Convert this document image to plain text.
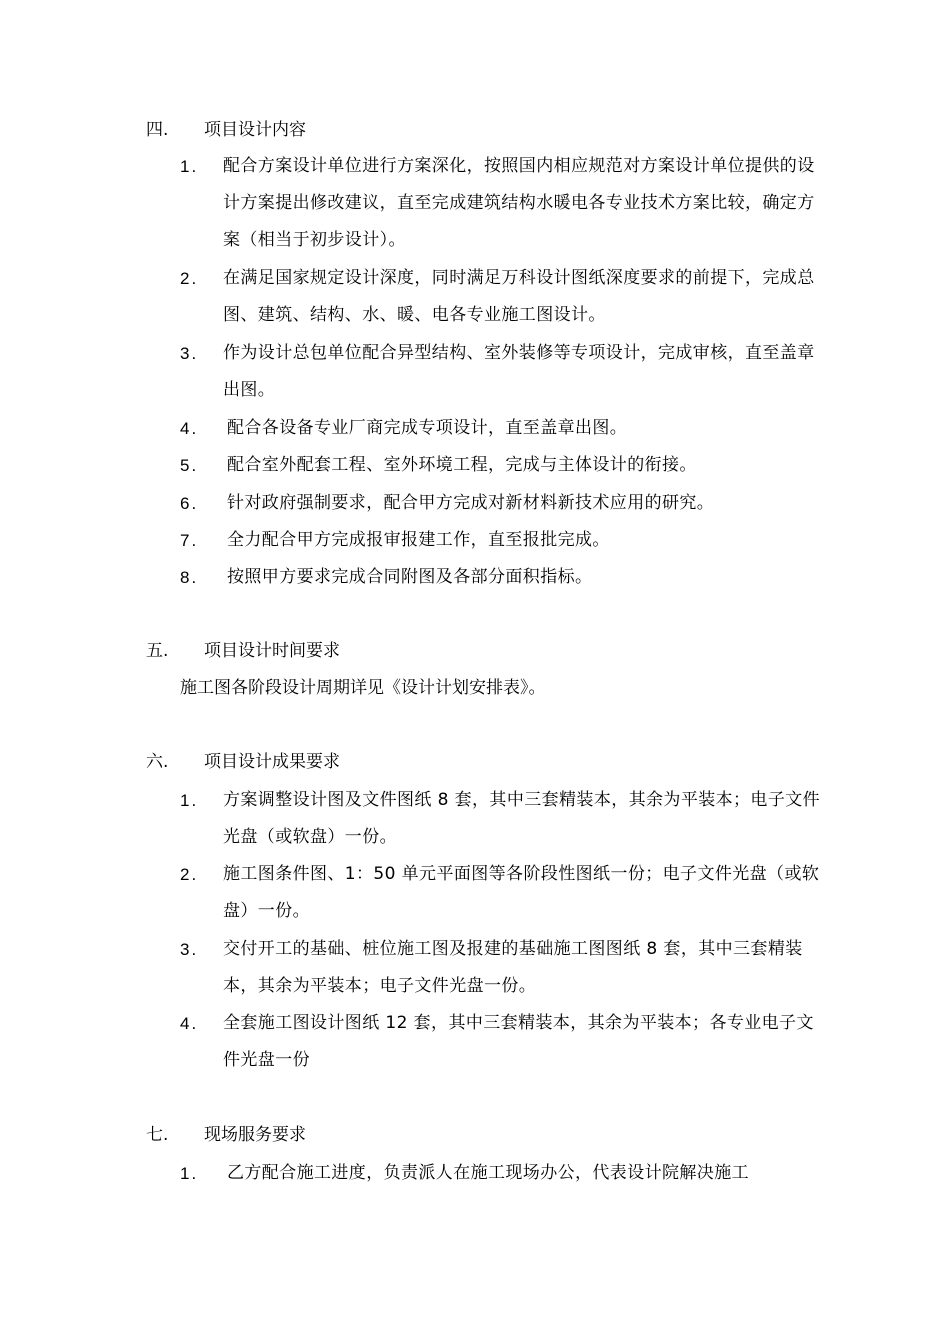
四. 项目设计内容
1. 配合方案设计单位进行方案深化，按照国内相应规范对方案设计单位提供的设计方案提出修改建议，直至完成建筑结构水暖电各专业技术方案比较，确定方案（相当于初步设计）。
2. 在满足国家规定设计深度，同时满足万科设计图纸深度要求的前提下，完成总图、建筑、结构、水、暖、电各专业施工图设计。
3. 作为设计总包单位配合异型结构、室外装修等专项设计，完成审核，直至盖章出图。
4. 配合各设备专业厂商完成专项设计，直至盖章出图。
5. 配合室外配套工程、室外环境工程，完成与主体设计的衔接。
6. 针对政府强制要求，配合甲方完成对新材料新技术应用的研究。
7. 全力配合甲方完成报审报建工作，直至报批完成。
8. 按照甲方要求完成合同附图及各部分面积指标。
五. 项目设计时间要求
施工图各阶段设计周期详见《设计计划安排表》。
六. 项目设计成果要求
1. 方案调整设计图及文件图纸 8 套，其中三套精装本，其余为平装本；电子文件光盘（或软盘）一份。
2. 施工图条件图、1：50 单元平面图等各阶段性图纸一份；电子文件光盘（或软盘）一份。
3. 交付开工的基础、桩位施工图及报建的基础施工图图纸 8 套，其中三套精装本，其余为平装本；电子文件光盘一份。
4. 全套施工图设计图纸 12 套，其中三套精装本，其余为平装本；各专业电子文件光盘一份
七. 现场服务要求
1. 乙方配合施工进度，负责派人在施工现场办公，代表设计院解决施工
